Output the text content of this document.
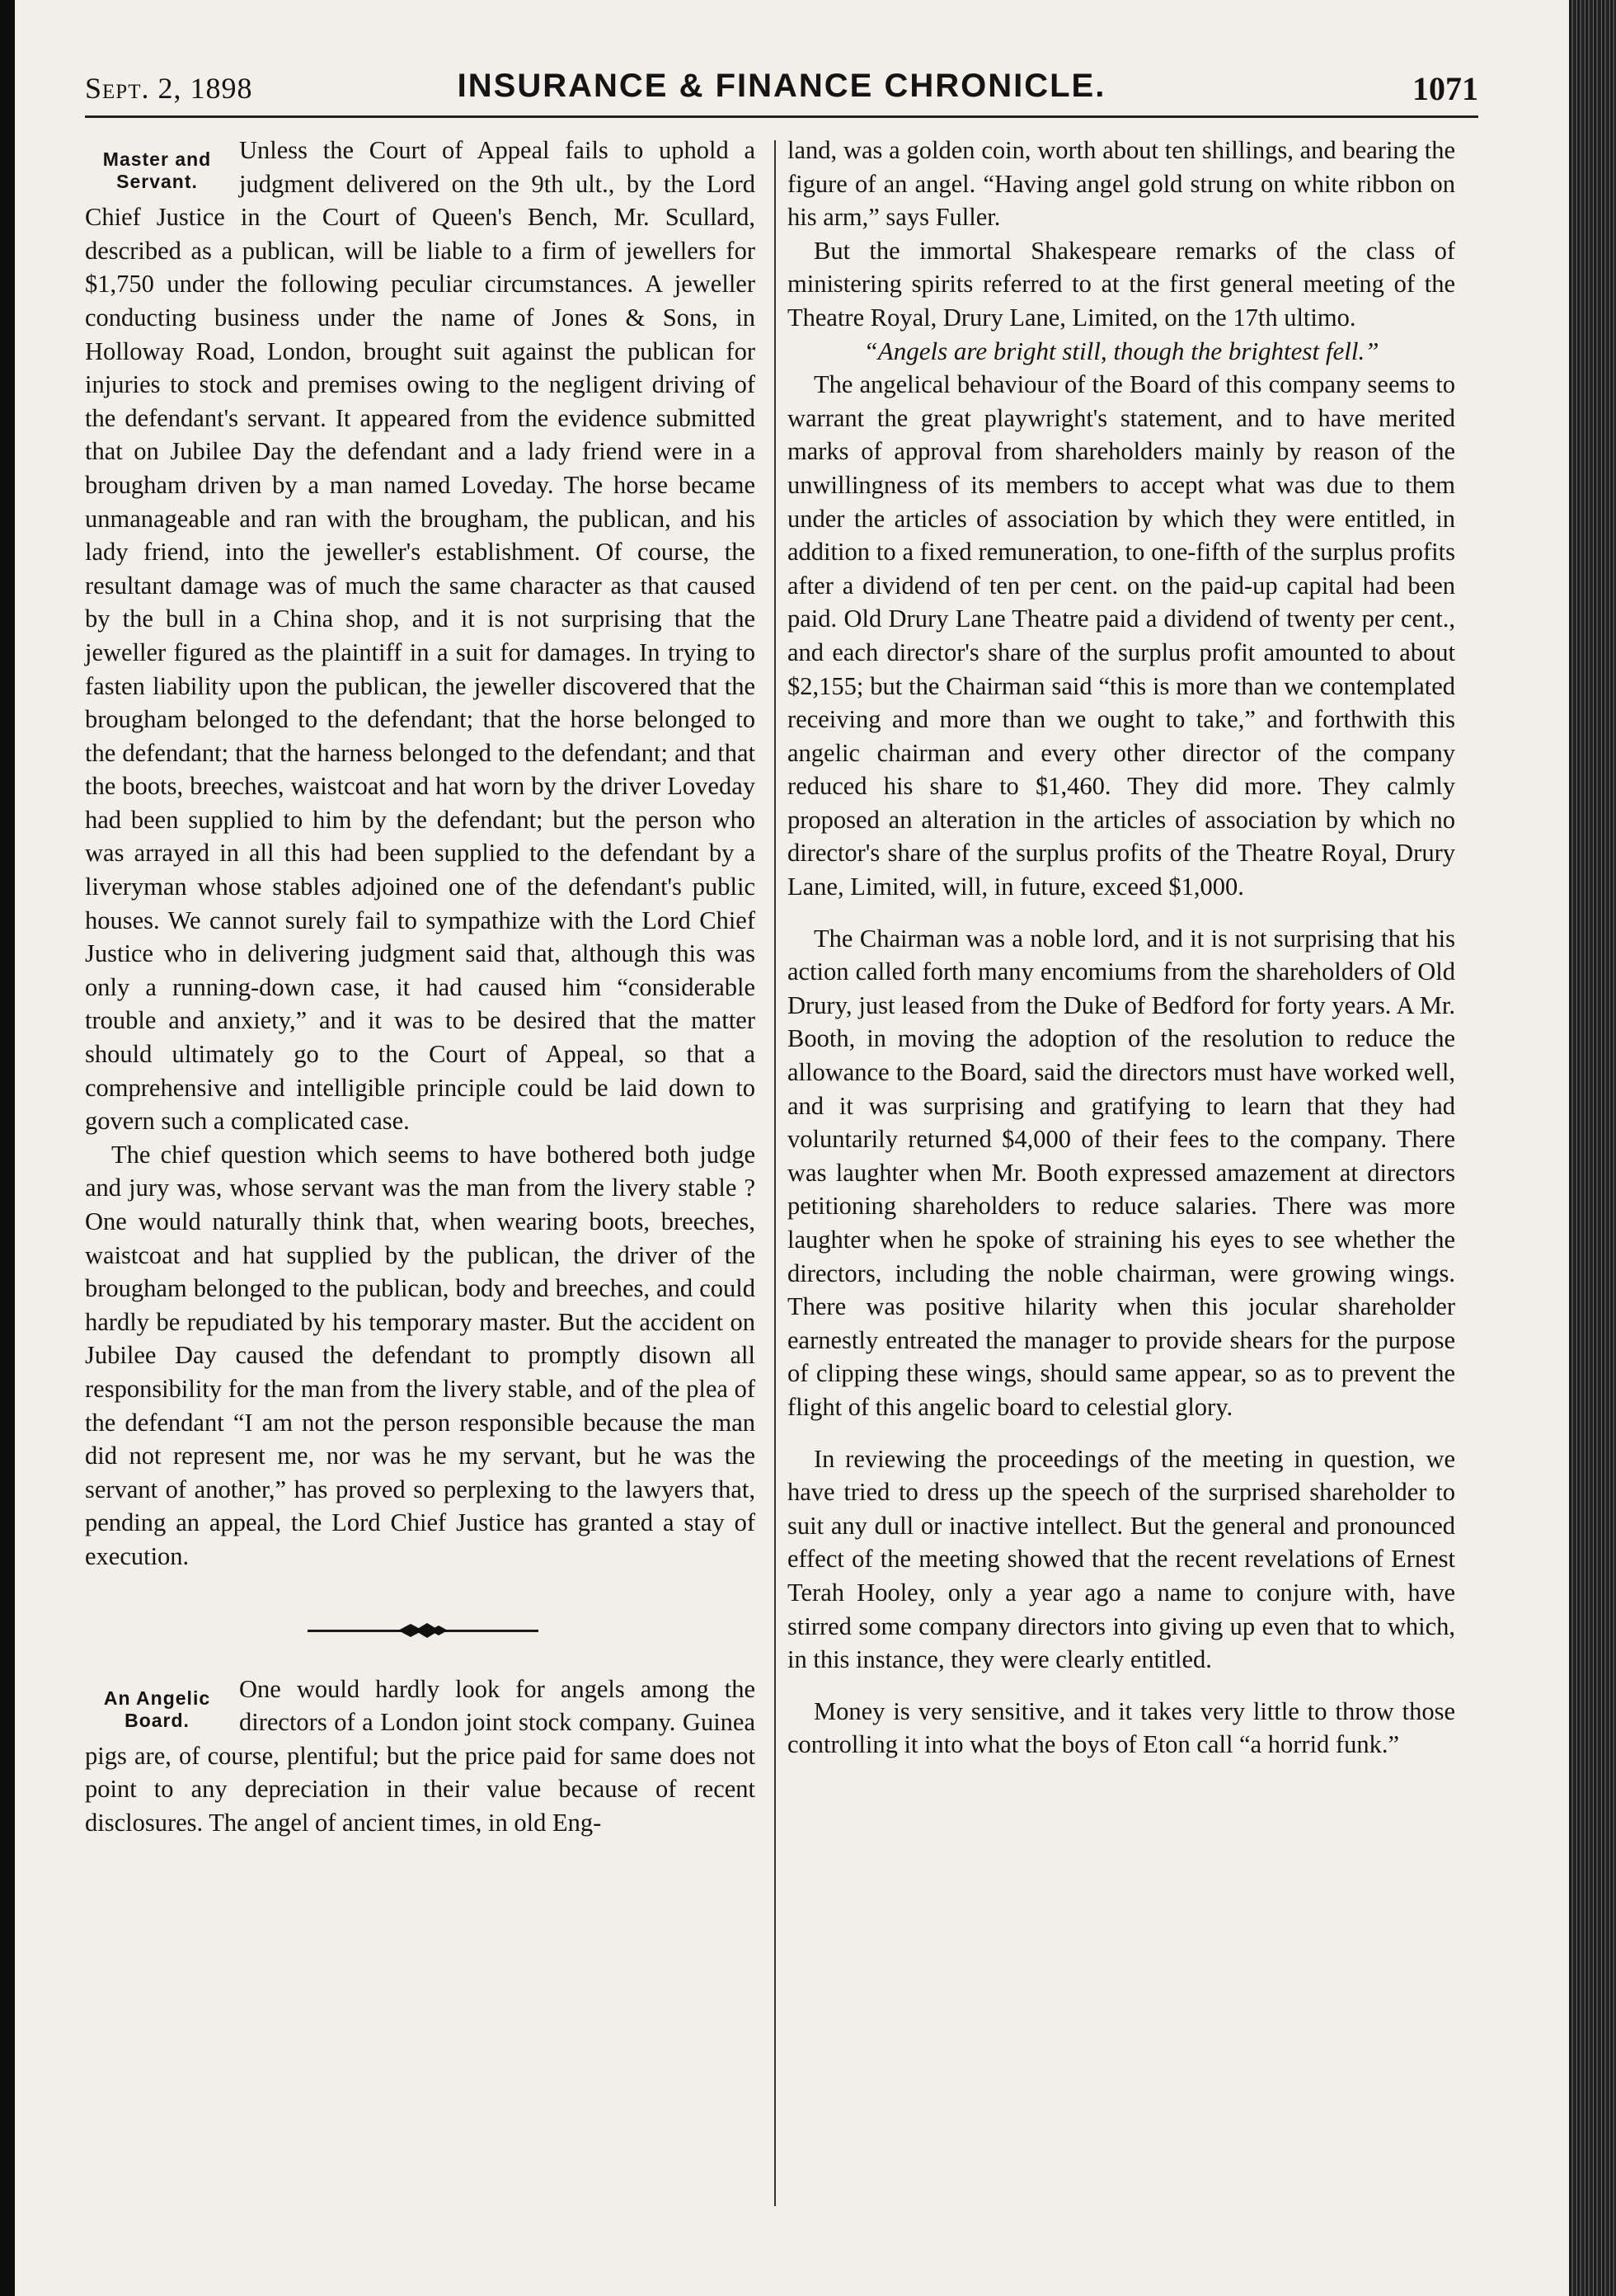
Sept. 2, 1898	INSURANCE & FINANCE CHRONICLE.	1071
Master and
Servant.

Unless the Court of Appeal fails to uphold a judgment delivered on the 9th ult., by the Lord Chief Justice in the Court of Queen's Bench, Mr. Scullard, described as a publican, will be liable to a firm of jewellers for $1,750 under the following peculiar circumstances. A jeweller conducting business under the name of Jones & Sons, in Holloway Road, London, brought suit against the publican for injuries to stock and premises owing to the negligent driving of the defendant's servant. It appeared from the evidence submitted that on Jubilee Day the defendant and a lady friend were in a brougham driven by a man named Loveday. The horse became unmanageable and ran with the brougham, the publican, and his lady friend, into the jeweller's establishment. Of course, the resultant damage was of much the same character as that caused by the bull in a China shop, and it is not surprising that the jeweller figured as the plaintiff in a suit for damages. In trying to fasten liability upon the publican, the jeweller discovered that the brougham belonged to the defendant; that the horse belonged to the defendant; that the harness belonged to the defendant; and that the boots, breeches, waistcoat and hat worn by the driver Loveday had been supplied to him by the defendant; but the person who was arrayed in all this had been supplied to the defendant by a liveryman whose stables adjoined one of the defendant's public houses. We cannot surely fail to sympathize with the Lord Chief Justice who in delivering judgment said that, although this was only a running-down case, it had caused him “considerable trouble and anxiety,” and it was to be desired that the matter should ultimately go to the Court of Appeal, so that a comprehensive and intelligible principle could be laid down to govern such a complicated case.

The chief question which seems to have bothered both judge and jury was, whose servant was the man from the livery stable ? One would naturally think that, when wearing boots, breeches, waistcoat and hat supplied by the publican, the driver of the brougham belonged to the publican, body and breeches, and could hardly be repudiated by his temporary master. But the accident on Jubilee Day caused the defendant to promptly disown all responsibility for the man from the livery stable, and of the plea of the defendant “I am not the person responsible because the man did not represent me, nor was he my servant, but he was the servant of another,” has proved so perplexing to the lawyers that, pending an appeal, the Lord Chief Justice has granted a stay of execution.

An Angelic
Board.

One would hardly look for angels among the directors of a London joint stock company. Guinea pigs are, of course, plentiful; but the price paid for same does not point to any depreciation in their value because of recent disclosures. The angel of ancient times, in old Eng-

land, was a golden coin, worth about ten shillings, and bearing the figure of an angel. “Having angel gold strung on white ribbon on his arm,” says Fuller.

But the immortal Shakespeare remarks of the class of ministering spirits referred to at the first general meeting of the Theatre Royal, Drury Lane, Limited, on the 17th ultimo.

“Angels are bright still, though the brightest fell.”

The angelical behaviour of the Board of this company seems to warrant the great playwright's statement, and to have merited marks of approval from shareholders mainly by reason of the unwillingness of its members to accept what was due to them under the articles of association by which they were entitled, in addition to a fixed remuneration, to one-fifth of the surplus profits after a dividend of ten per cent. on the paid-up capital had been paid. Old Drury Lane Theatre paid a dividend of twenty per cent., and each director's share of the surplus profit amounted to about $2,155; but the Chairman said “this is more than we contemplated receiving and more than we ought to take,” and forthwith this angelic chairman and every other director of the company reduced his share to $1,460. They did more. They calmly proposed an alteration in the articles of association by which no director's share of the surplus profits of the Theatre Royal, Drury Lane, Limited, will, in future, exceed $1,000.

The Chairman was a noble lord, and it is not surprising that his action called forth many encomiums from the shareholders of Old Drury, just leased from the Duke of Bedford for forty years. A Mr. Booth, in moving the adoption of the resolution to reduce the allowance to the Board, said the directors must have worked well, and it was surprising and gratifying to learn that they had voluntarily returned $4,000 of their fees to the company. There was laughter when Mr. Booth expressed amazement at directors petitioning shareholders to reduce salaries. There was more laughter when he spoke of straining his eyes to see whether the directors, including the noble chairman, were growing wings. There was positive hilarity when this jocular shareholder earnestly entreated the manager to provide shears for the purpose of clipping these wings, should same appear, so as to prevent the flight of this angelic board to celestial glory.

In reviewing the proceedings of the meeting in question, we have tried to dress up the speech of the surprised shareholder to suit any dull or inactive intellect. But the general and pronounced effect of the meeting showed that the recent revelations of Ernest Terah Hooley, only a year ago a name to conjure with, have stirred some company directors into giving up even that to which, in this instance, they were clearly entitled.

Money is very sensitive, and it takes very little to throw those controlling it into what the boys of Eton call “a horrid funk.”
